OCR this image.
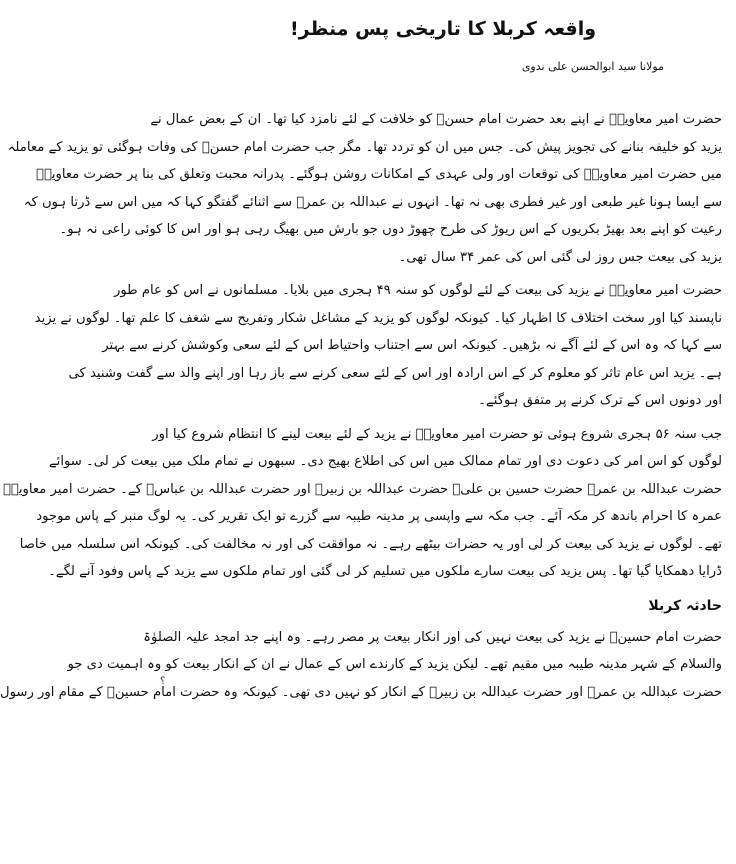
واقعہ کربلا کا تاریخی پس منظر!
مولانا سید ابوالحسن علی ندوی
حضرت امیر معاویہؓ نے اپنے بعد حضرت امام حسنؓ کو خلافت کے لئے نامزد کیا تھا۔ ان کے بعض عمال نے
یزید کو خلیفہ بنانے کی تجویز پیش کی۔ جس میں ان کو تردد تھا۔ مگر جب حضرت امام حسنؓ کی وفات ہوگئی تو یزید کے معاملہ
میں حضرت امیر معاویہؓ کی توقعات اور ولی عہدی کے امکانات روشن ہوگئے۔ پدرانہ محبت وتعلق کی بنا پر حضرت معاویہؓ
سے ایسا ہونا غیر طبعی اور غیر فطری بھی نہ تھا۔ انہوں نے عبداللہ بن عمرؓ سے اثنائے گفتگو کہا کہ میں اس سے ڈرتا ہوں کہ
رعیت کو اپنے بعد بھیڑ بکریوں کے اس ریوڑ کی طرح چھوڑ دوں جو بارش میں بھیگ رہی ہو اور اس کا کوئی راعی نہ ہو۔
یزید کی بیعت جس روز لی گئی اس کی عمر ۳۴ سال تھی۔
حضرت امیر معاویہؓ نے یزید کی بیعت کے لئے لوگوں کو سنہ ۴۹ ہجری میں بلایا۔ مسلمانوں نے اس کو عام طور
ناپسند کیا اور سخت اختلاف کا اظہار کیا۔ کیونکہ لوگوں کو یزید کے مشاغل شکار وتفریح سے شغف کا علم تھا۔ لوگوں نے یزید
سے کہا کہ وہ اس کے لئے آگے نہ بڑھیں۔ کیونکہ اس سے اجتناب واحتیاط اس کے لئے سعی وکوشش کرنے سے بہتر
ہے۔ یزید اس عام تاثر کو معلوم کر کے اس ارادہ اور اس کے لئے سعی کرنے سے باز رہا اور اپنے والد سے گفت وشنید کی
اور دونوں اس کے ترک کرنے پر متفق ہوگئے۔
جب سنہ ۵۶ ہجری شروع ہوئی تو حضرت امیر معاویہؓ نے یزید کے لئے بیعت لینے کا انتظام شروع کیا اور
لوگوں کو اس امر کی دعوت دی اور تمام ممالک میں اس کی اطلاع بھیج دی۔ سبھوں نے تمام ملک میں بیعت کر لی۔ سوائے
حضرت عبداللہ بن عمرؓ حضرت حسین بن علیؓ حضرت عبداللہ بن زبیرؓ اور حضرت عبداللہ بن عباسؓ کے۔ حضرت امیر معاویہؓ
عمرہ کا احرام باندھ کر مکہ آئے۔ جب مکہ سے واپسی پر مدینہ طیبہ سے گزرے تو ایک تقریر کی۔ یہ لوگ منبر کے پاس موجود
تھے۔ لوگوں نے یزید کی بیعت کر لی اور یہ حضرات بیٹھے رہے۔ نہ موافقت کی اور نہ مخالفت کی۔ کیونکہ اس سلسلہ میں خاصا
ڈرایا دھمکایا گیا تھا۔ پس یزید کی بیعت سارے ملکوں میں تسلیم کر لی گئی اور تمام ملکوں سے یزید کے پاس وفود آنے لگے۔
حادثہ کربلا
حضرت امام حسینؓ نے یزید کی بیعت نہیں کی اور انکار بیعت پر مصر رہے۔ وہ اپنے جد امجد علیہ الصلوٰۃ
والسلام کے شہر مدینہ طیبہ میں مقیم تھے۔ لیکن یزید کے کارندے اس کے عمال نے ان کے انکار بیعت کو وہ اہمیت دی جو
حضرت عبداللہ بن عمرؓ اور حضرت عبداللہ بن زبیرؓ کے انکار کو نہیں دی تھی۔ کیونکہ وہ حضرت امام حسینؓ کے مقام اور رسول
؟
